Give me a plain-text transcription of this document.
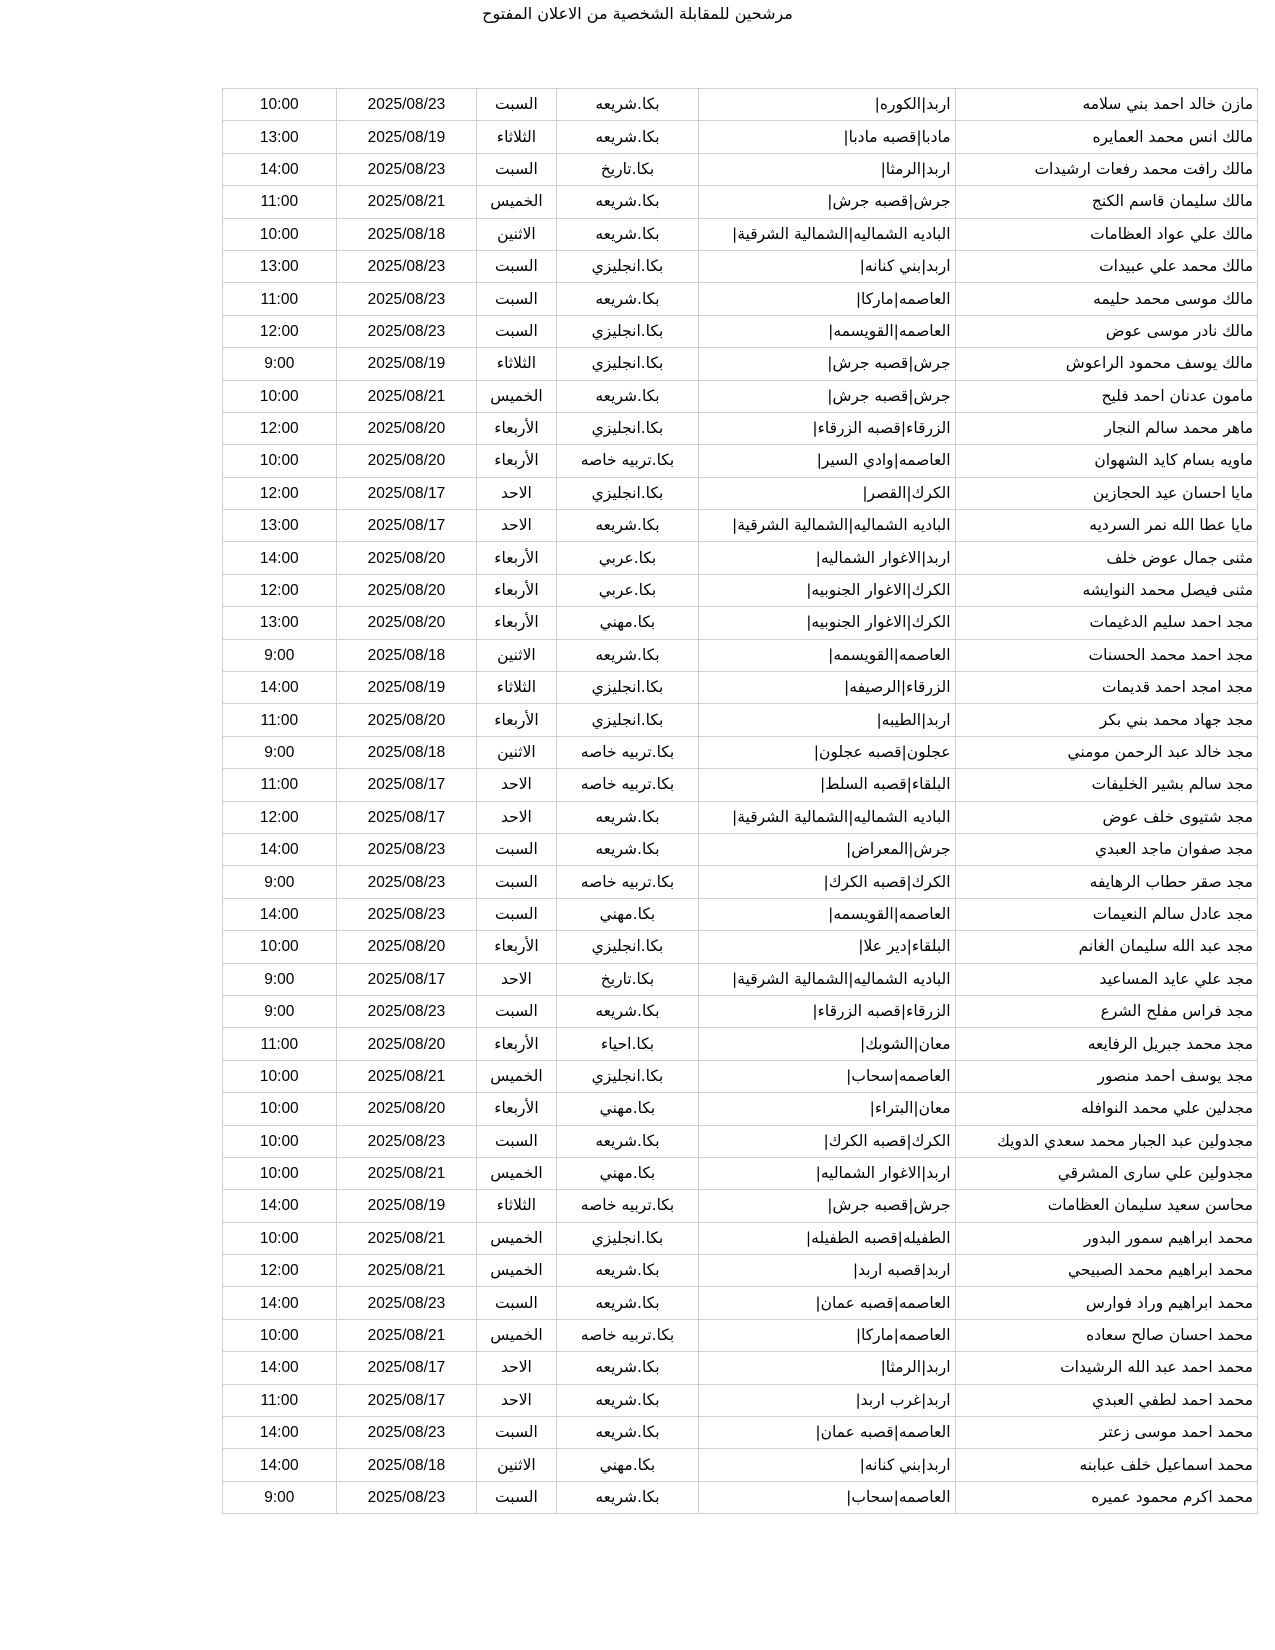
مرشحين للمقابلة الشخصية من الاعلان المفتوح
مازن خالد احمد بني سلامه	اربد|الكوره|	بكا.شريعه	السبت	2025/08/23	10:00
مالك انس محمد العمايره	مادبا|قصبه مادبا|	بكا.شريعه	الثلاثاء	2025/08/19	13:00
مالك رافت محمد رفعات ارشيدات	اربد|الرمثا|	بكا.تاريخ	السبت	2025/08/23	14:00
مالك سليمان قاسم الكنج	جرش|قصبه جرش|	بكا.شريعه	الخميس	2025/08/21	11:00
مالك علي عواد العظامات	الباديه الشماليه|الشمالية الشرقية|	بكا.شريعه	الاثنين	2025/08/18	10:00
مالك محمد علي عبيدات	اربد|بني كنانه|	بكا.انجليزي	السبت	2025/08/23	13:00
مالك موسى محمد حليمه	العاصمه|ماركا|	بكا.شريعه	السبت	2025/08/23	11:00
مالك نادر موسى عوض	العاصمه|القويسمه|	بكا.انجليزي	السبت	2025/08/23	12:00
مالك يوسف محمود الراعوش	جرش|قصبه جرش|	بكا.انجليزي	الثلاثاء	2025/08/19	9:00
مامون عدنان احمد فليح	جرش|قصبه جرش|	بكا.شريعه	الخميس	2025/08/21	10:00
ماهر محمد سالم النجار	الزرقاء|قصبه الزرقاء|	بكا.انجليزي	الأربعاء	2025/08/20	12:00
ماويه بسام كايد الشهوان	العاصمه|وادي السير|	بكا.تربيه خاصه	الأربعاء	2025/08/20	10:00
مايا احسان عيد الحجازين	الكرك|القصر|	بكا.انجليزي	الاحد	2025/08/17	12:00
مايا عطا الله نمر السرديه	الباديه الشماليه|الشمالية الشرقية|	بكا.شريعه	الاحد	2025/08/17	13:00
مثنى جمال عوض خلف	اربد|الاغوار الشماليه|	بكا.عربي	الأربعاء	2025/08/20	14:00
مثنى فيصل محمد النوايشه	الكرك|الاغوار الجنوبيه|	بكا.عربي	الأربعاء	2025/08/20	12:00
مجد احمد سليم الدغيمات	الكرك|الاغوار الجنوبيه|	بكا.مهني	الأربعاء	2025/08/20	13:00
مجد احمد محمد الحسنات	العاصمه|القويسمه|	بكا.شريعه	الاثنين	2025/08/18	9:00
مجد امجد احمد قديمات	الزرقاء|الرصيفه|	بكا.انجليزي	الثلاثاء	2025/08/19	14:00
مجد جهاد محمد بني بكر	اربد|الطيبه|	بكا.انجليزي	الأربعاء	2025/08/20	11:00
مجد خالد عبد الرحمن مومني	عجلون|قصبه عجلون|	بكا.تربيه خاصه	الاثنين	2025/08/18	9:00
مجد سالم بشير الخليفات	البلقاء|قصبه السلط|	بكا.تربيه خاصه	الاحد	2025/08/17	11:00
مجد شتيوى خلف عوض	الباديه الشماليه|الشمالية الشرقية|	بكا.شريعه	الاحد	2025/08/17	12:00
مجد صفوان ماجد العبدي	جرش|المعراض|	بكا.شريعه	السبت	2025/08/23	14:00
مجد صقر حطاب الرهايفه	الكرك|قصبه الكرك|	بكا.تربيه خاصه	السبت	2025/08/23	9:00
مجد عادل سالم النعيمات	العاصمه|القويسمه|	بكا.مهني	السبت	2025/08/23	14:00
مجد عبد الله سليمان الغانم	البلقاء|دير علا|	بكا.انجليزي	الأربعاء	2025/08/20	10:00
مجد علي عايد المساعيد	الباديه الشماليه|الشمالية الشرقية|	بكا.تاريخ	الاحد	2025/08/17	9:00
مجد فراس مفلح الشرع	الزرقاء|قصبه الزرقاء|	بكا.شريعه	السبت	2025/08/23	9:00
مجد محمد جبريل الرفايعه	معان|الشوبك|	بكا.احياء	الأربعاء	2025/08/20	11:00
مجد يوسف احمد منصور	العاصمه|سحاب|	بكا.انجليزي	الخميس	2025/08/21	10:00
مجدلين علي محمد النوافله	معان|البتراء|	بكا.مهني	الأربعاء	2025/08/20	10:00
مجدولين عبد الجبار محمد سعدي الدويك	الكرك|قصبه الكرك|	بكا.شريعه	السبت	2025/08/23	10:00
مجدولين علي سارى المشرقي	اربد|الاغوار الشماليه|	بكا.مهني	الخميس	2025/08/21	10:00
محاسن سعيد سليمان العظامات	جرش|قصبه جرش|	بكا.تربيه خاصه	الثلاثاء	2025/08/19	14:00
محمد ابراهيم سمور البدور	الطفيله|قصبه الطفيله|	بكا.انجليزي	الخميس	2025/08/21	10:00
محمد ابراهيم محمد الصبيحي	اربد|قصبه اربد|	بكا.شريعه	الخميس	2025/08/21	12:00
محمد ابراهيم وراد فوارس	العاصمه|قصبه عمان|	بكا.شريعه	السبت	2025/08/23	14:00
محمد احسان صالح سعاده	العاصمه|ماركا|	بكا.تربيه خاصه	الخميس	2025/08/21	10:00
محمد احمد عبد الله الرشيدات	اربد|الرمثا|	بكا.شريعه	الاحد	2025/08/17	14:00
محمد احمد لطفي العبدي	اربد|غرب اربد|	بكا.شريعه	الاحد	2025/08/17	11:00
محمد احمد موسى زعتر	العاصمه|قصبه عمان|	بكا.شريعه	السبت	2025/08/23	14:00
محمد اسماعيل خلف عبابنه	اربد|بني كنانه|	بكا.مهني	الاثنين	2025/08/18	14:00
محمد اكرم محمود عميره	العاصمه|سحاب|	بكا.شريعه	السبت	2025/08/23	9:00
